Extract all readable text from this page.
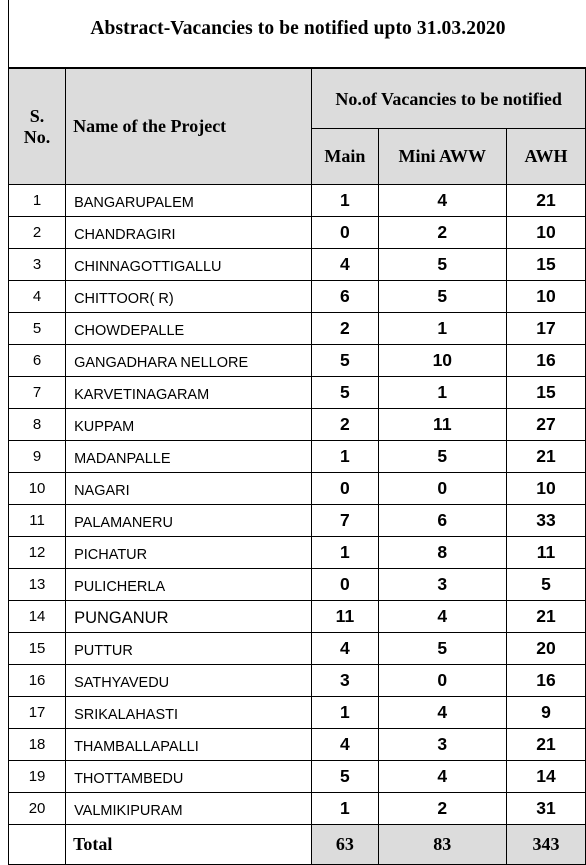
Abstract-Vacancies to be notified upto 31.03.2020
S.
No.	Name of the Project	No.of Vacancies to be notified		
		Main	Mini AWW	AWH
1	BANGARUPALEM	1	4	21
2	CHANDRAGIRI	0	2	10
3	CHINNAGOTTIGALLU	4	5	15
4	CHITTOOR( R)	6	5	10
5	CHOWDEPALLE	2	1	17
6	GANGADHARA NELLORE	5	10	16
7	KARVETINAGARAM	5	1	15
8	KUPPAM	2	11	27
9	MADANPALLE	1	5	21
10	NAGARI	0	0	10
11	PALAMANERU	7	6	33
12	PICHATUR	1	8	11
13	PULICHERLA	0	3	5
14	PUNGANUR	11	4	21
15	PUTTUR	4	5	20
16	SATHYAVEDU	3	0	16
17	SRIKALAHASTI	1	4	9
18	THAMBALLAPALLI	4	3	21
19	THOTTAMBEDU	5	4	14
20	VALMIKIPURAM	1	2	31
	Total	63	83	343
